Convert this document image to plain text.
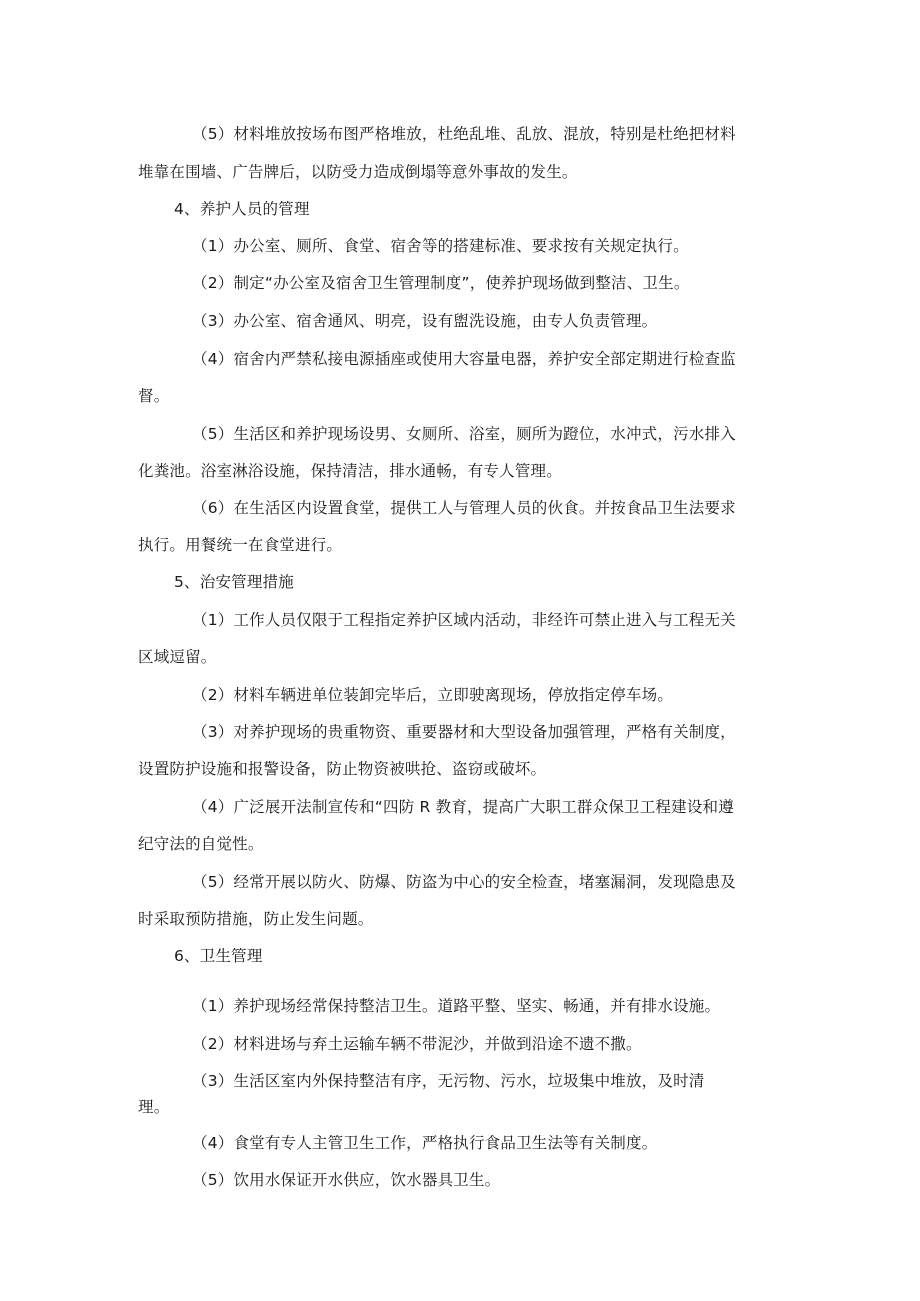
（5）材料堆放按场布图严格堆放，杜绝乱堆、乱放、混放，特别是杜绝把材料
堆靠在围墙、广告牌后，以防受力造成倒塌等意外事故的发生。
4、养护人员的管理
（1）办公室、厕所、食堂、宿舍等的搭建标准、要求按有关规定执行。
（2）制定“办公室及宿舍卫生管理制度”，使养护现场做到整洁、卫生。
（3）办公室、宿舍通风、明亮，设有盥洗设施，由专人负责管理。
（4）宿舍内严禁私接电源插座或使用大容量电器，养护安全部定期进行检查监
督。
（5）生活区和养护现场设男、女厕所、浴室，厕所为蹬位，水冲式，污水排入
化粪池。浴室淋浴设施，保持清洁，排水通畅，有专人管理。
（6）在生活区内设置食堂，提供工人与管理人员的伙食。并按食品卫生法要求
执行。用餐统一在食堂进行。
5、治安管理措施
（1）工作人员仅限于工程指定养护区域内活动，非经许可禁止进入与工程无关
区域逗留。
（2）材料车辆进单位装卸完毕后，立即驶离现场，停放指定停车场。
（3）对养护现场的贵重物资、重要器材和大型设备加强管理，严格有关制度，
设置防护设施和报警设备，防止物资被哄抢、盗窃或破坏。
（4）广泛展开法制宣传和“四防 R 教育，提高广大职工群众保卫工程建设和遵
纪守法的自觉性。
（5）经常开展以防火、防爆、防盗为中心的安全检查，堵塞漏洞，发现隐患及
时采取预防措施，防止发生问题。
6、卫生管理
（1）养护现场经常保持整洁卫生。道路平整、坚实、畅通，并有排水设施。
（2）材料进场与弃土运输车辆不带泥沙，并做到沿途不遗不撒。
（3）生活区室内外保持整洁有序，无污物、污水，垃圾集中堆放，及时清
理。
（4）食堂有专人主管卫生工作，严格执行食品卫生法等有关制度。
（5）饮用水保证开水供应，饮水器具卫生。
